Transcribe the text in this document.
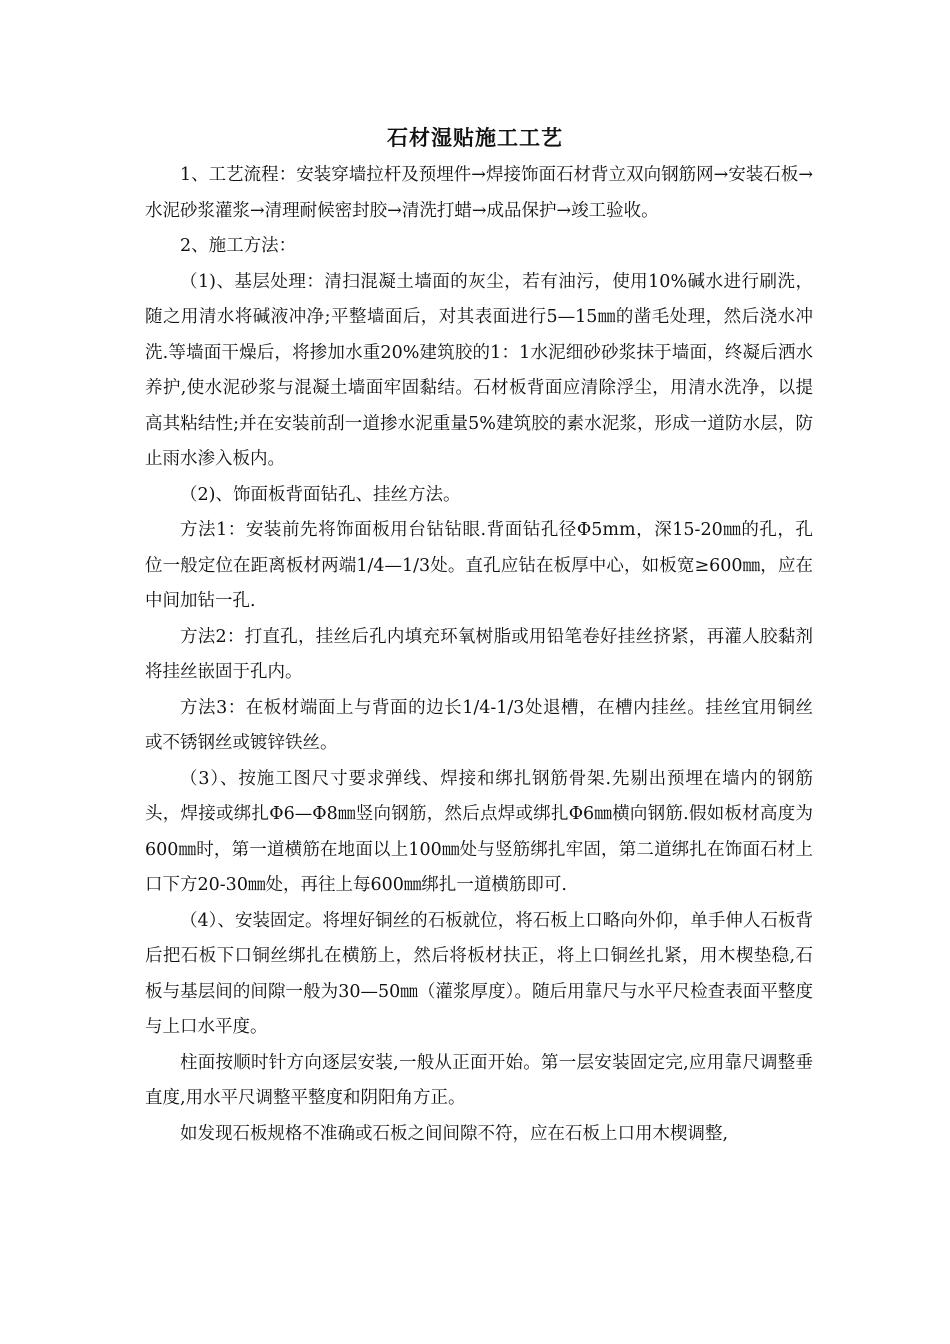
石材湿贴施工工艺

1、工艺流程：安装穿墙拉杆及预埋件→焊接饰面石材背立双向钢筋网→安装石板→水泥砂浆灌浆→清理耐候密封胶→清洗打蜡→成品保护→竣工验收。

2、施工方法：

（1)、基层处理：清扫混凝土墙面的灰尘，若有油污，使用10%碱水进行刷洗，随之用清水将碱液冲净;平整墙面后，对其表面进行5—15㎜的凿毛处理，然后浇水冲洗.等墙面干燥后，将掺加水重20%建筑胶的1：1水泥细砂砂浆抹于墙面，终凝后洒水养护,使水泥砂浆与混凝土墙面牢固黏结。石材板背面应清除浮尘，用清水洗净，以提高其粘结性;并在安装前刮一道掺水泥重量5%建筑胶的素水泥浆，形成一道防水层，防止雨水渗入板内。

（2)、饰面板背面钻孔、挂丝方法。

方法1：安装前先将饰面板用台钻钻眼.背面钻孔径Φ5mm，深15-20㎜的孔，孔位一般定位在距离板材两端1/4—1/3处。直孔应钻在板厚中心，如板宽≥600㎜，应在中间加钻一孔.

方法2：打直孔，挂丝后孔内填充环氧树脂或用铅笔卷好挂丝挤紧，再灌人胶黏剂将挂丝嵌固于孔内。

方法3：在板材端面上与背面的边长1/4-1/3处退槽，在槽内挂丝。挂丝宜用铜丝或不锈钢丝或镀锌铁丝。

（3）、按施工图尺寸要求弹线、焊接和绑扎钢筋骨架.先剔出预埋在墙内的钢筋头，焊接或绑扎Φ6—Φ8㎜竖向钢筋，然后点焊或绑扎Φ6㎜横向钢筋.假如板材高度为600㎜时，第一道横筋在地面以上100㎜处与竖筋绑扎牢固，第二道绑扎在饰面石材上口下方20-30㎜处，再往上每600㎜绑扎一道横筋即可.

（4）、安装固定。将埋好铜丝的石板就位，将石板上口略向外仰，单手伸人石板背后把石板下口铜丝绑扎在横筋上，然后将板材扶正，将上口铜丝扎紧，用木楔垫稳,石板与基层间的间隙一般为30—50㎜（灌浆厚度）。随后用靠尺与水平尺检查表面平整度与上口水平度。

柱面按顺时针方向逐层安装,一般从正面开始。第一层安装固定完,应用靠尺调整垂直度,用水平尺调整平整度和阴阳角方正。

如发现石板规格不准确或石板之间间隙不符，应在石板上口用木楔调整,
